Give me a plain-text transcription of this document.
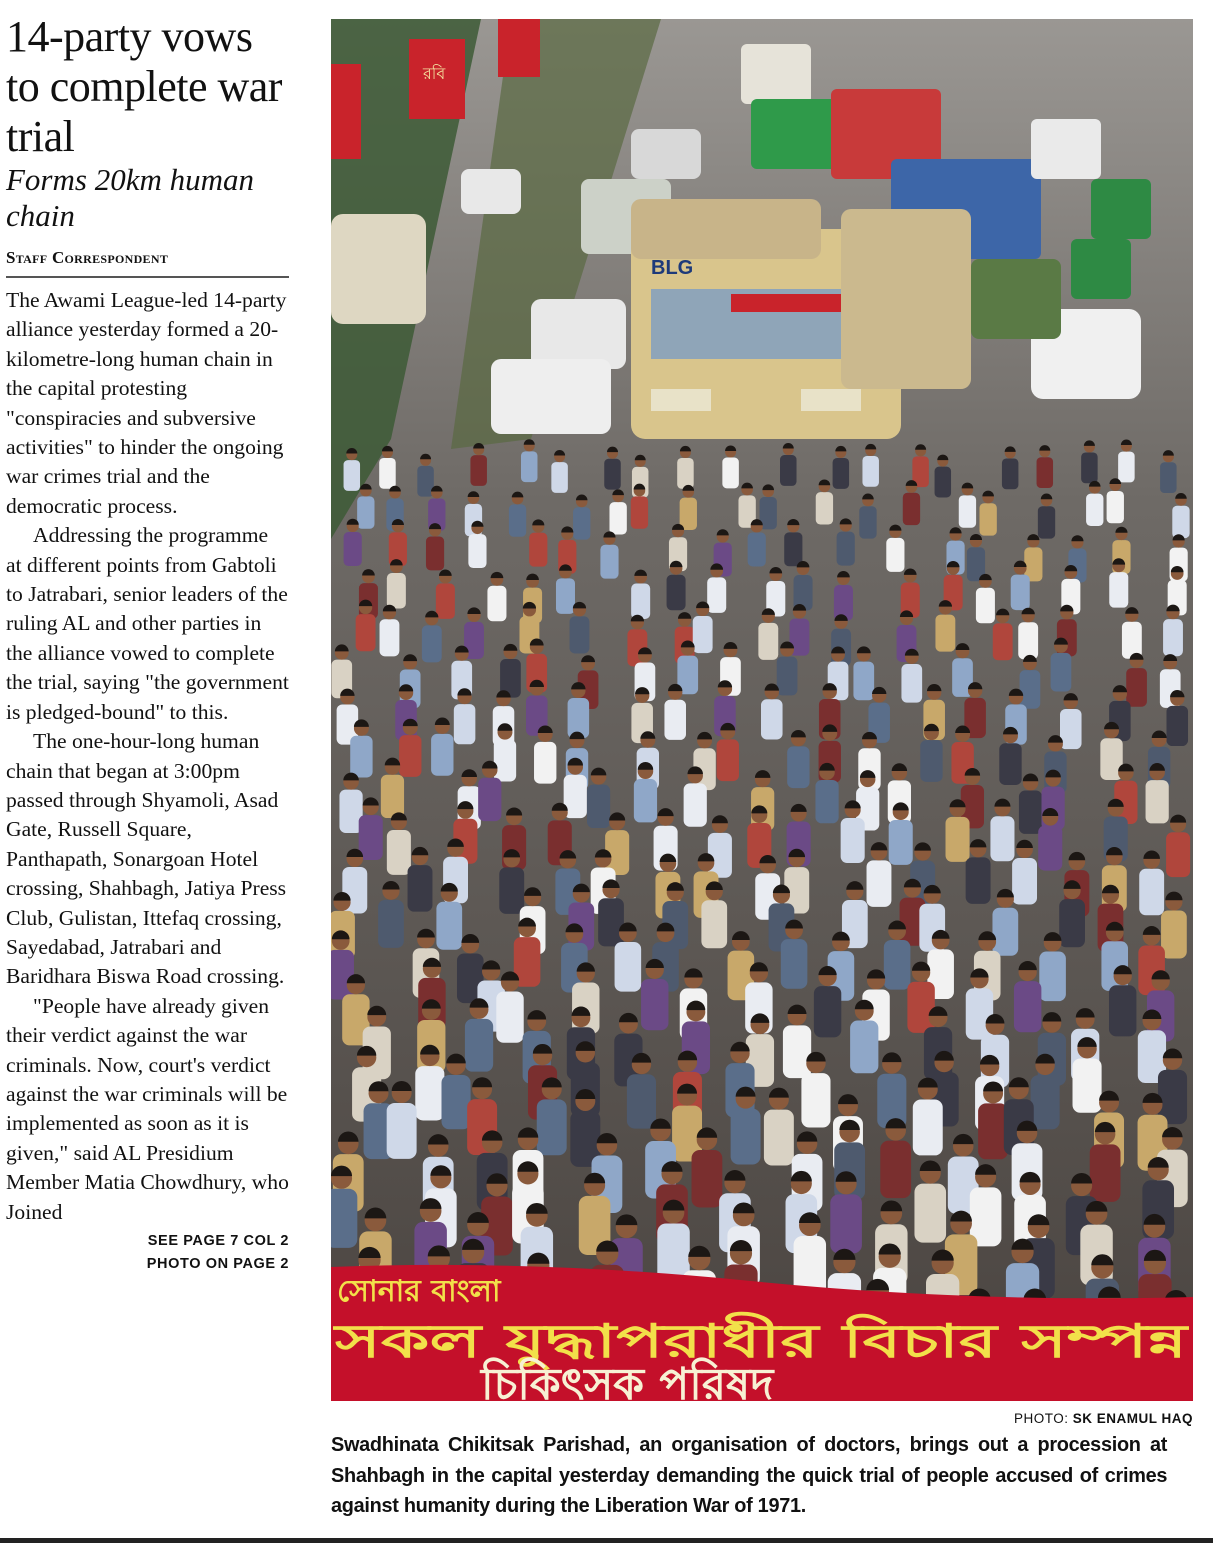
14-party vows to complete war trial
Forms 20km human chain
Staff Correspondent

The Awami League-led 14-party alliance yesterday formed a 20-kilometre-long human chain in the capital protesting "conspiracies and subversive activities" to hinder the ongoing war crimes trial and the democratic process.

Addressing the programme at different points from Gabtoli to Jatrabari, senior leaders of the ruling AL and other parties in the alliance vowed to complete the trial, saying "the government is pledged-bound" to this.

The one-hour-long human chain that began at 3:00pm passed through Shyamoli, Asad Gate, Russell Square, Panthapath, Sonargoan Hotel crossing, Shahbagh, Jatiya Press Club, Gulistan, Ittefaq crossing, Sayedabad, Jatrabari and Baridhara Biswa Road crossing.

"People have already given their verdict against the war criminals. Now, court's verdict against the war criminals will be implemented as soon as it is given," said AL Presidium Member Matia Chowdhury, who Joined

SEE PAGE 7 COL 2
PHOTO ON PAGE 2
রবি
BLG
সোনার বাংলা
সকল যুদ্ধাপরাধীর বিচার সম্পন্ন
চিকিৎসক পরিষদ
PHOTO: SK ENAMUL HAQ
Swadhinata Chikitsak Parishad, an organisation of doctors, brings out a procession at Shahbagh in the capital yesterday demanding the quick trial of people accused of crimes against humanity during the Liberation War of 1971.
